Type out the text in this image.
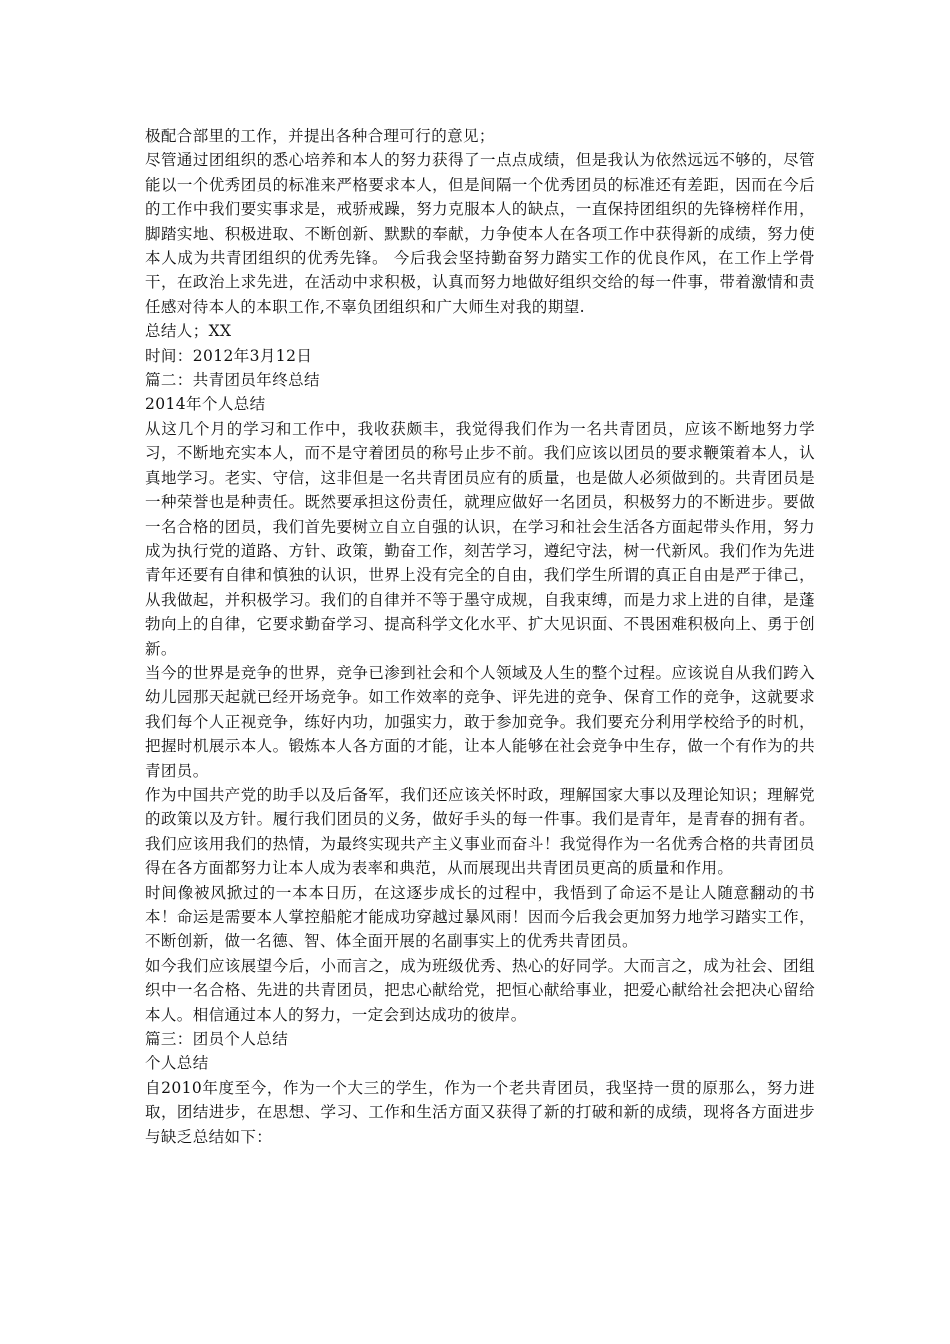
极配合部里的工作，并提出各种合理可行的意见；

尽管通过团组织的悉心培养和本人的努力获得了一点点成绩，但是我认为依然远远不够的，尽管能以一个优秀团员的标准来严格要求本人，但是间隔一个优秀团员的标准还有差距，因而在今后的工作中我们要实事求是，戒骄戒躁，努力克服本人的缺点，一直保持团组织的先锋榜样作用，脚踏实地、积极进取、不断创新、默默的奉献，力争使本人在各项工作中获得新的成绩，努力使本人成为共青团组织的优秀先锋。 今后我会坚持勤奋努力踏实工作的优良作风，在工作上学骨干，在政治上求先进，在活动中求积极，认真而努力地做好组织交给的每一件事，带着激情和责任感对待本人的本职工作,不辜负团组织和广大师生对我的期望.

总结人；XX

时间：2012年3月12日

篇二：共青团员年终总结

2014年个人总结

从这几个月的学习和工作中，我收获颇丰，我觉得我们作为一名共青团员，应该不断地努力学习，不断地充实本人，而不是守着团员的称号止步不前。我们应该以团员的要求鞭策着本人，认真地学习。老实、守信，这非但是一名共青团员应有的质量，也是做人必须做到的。共青团员是一种荣誉也是种责任。既然要承担这份责任，就理应做好一名团员，积极努力的不断进步。要做一名合格的团员，我们首先要树立自立自强的认识，在学习和社会生活各方面起带头作用，努力成为执行党的道路、方针、政策，勤奋工作，刻苦学习，遵纪守法，树一代新风。我们作为先进青年还要有自律和慎独的认识，世界上没有完全的自由，我们学生所谓的真正自由是严于律己，从我做起，并积极学习。我们的自律并不等于墨守成规，自我束缚，而是力求上进的自律，是蓬勃向上的自律，它要求勤奋学习、提高科学文化水平、扩大见识面、不畏困难积极向上、勇于创新。

当今的世界是竞争的世界，竞争已渗到社会和个人领域及人生的整个过程。应该说自从我们跨入幼儿园那天起就已经开场竞争。如工作效率的竞争、评先进的竞争、保育工作的竞争，这就要求我们每个人正视竞争，练好内功，加强实力，敢于参加竞争。我们要充分利用学校给予的时机，把握时机展示本人。锻炼本人各方面的才能，让本人能够在社会竞争中生存，做一个有作为的共青团员。

作为中国共产党的助手以及后备军，我们还应该关怀时政，理解国家大事以及理论知识；理解党的政策以及方针。履行我们团员的义务，做好手头的每一件事。我们是青年，是青春的拥有者。我们应该用我们的热情，为最终实现共产主义事业而奋斗！我觉得作为一名优秀合格的共青团员得在各方面都努力让本人成为表率和典范，从而展现出共青团员更高的质量和作用。

时间像被风掀过的一本本日历，在这逐步成长的过程中，我悟到了命运不是让人随意翻动的书本！命运是需要本人掌控船舵才能成功穿越过暴风雨！因而今后我会更加努力地学习踏实工作，不断创新，做一名德、智、体全面开展的名副事实上的优秀共青团员。

如今我们应该展望今后，小而言之，成为班级优秀、热心的好同学。大而言之，成为社会、团组织中一名合格、先进的共青团员，把忠心献给党，把恒心献给事业，把爱心献给社会把决心留给本人。相信通过本人的努力，一定会到达成功的彼岸。

篇三：团员个人总结

个人总结

自2010年度至今，作为一个大三的学生，作为一个老共青团员，我坚持一贯的原那么，努力进取，团结进步，在思想、学习、工作和生活方面又获得了新的打破和新的成绩，现将各方面进步与缺乏总结如下：
